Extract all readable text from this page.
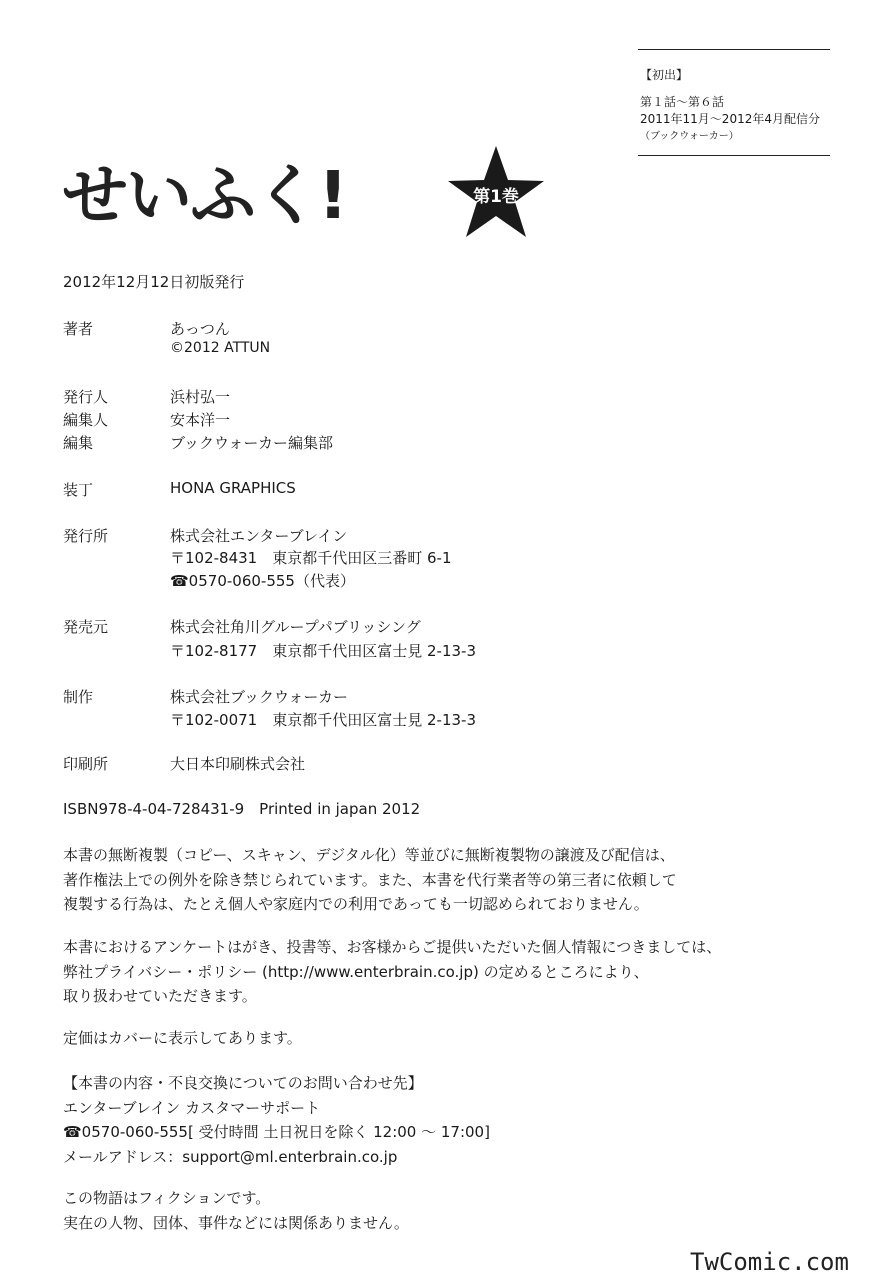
【初出】
第１話～第６話
2011年11月～2012年4月配信分
（ブックウォーカー）
せいふく!	第1巻
2012年12月12日初版発行
著者	あっつん
©2012 ATTUN
発行人	浜村弘一
編集人	安本洋一
編集	ブックウォーカー編集部
装丁	HONA GRAPHICS
発行所	株式会社エンターブレイン
〒102-8431　東京都千代田区三番町 6-1
☎0570-060-555（代表）
発売元	株式会社角川グループパブリッシング
〒102-8177　東京都千代田区富士見 2-13-3
制作	株式会社ブックウォーカー
〒102-0071　東京都千代田区富士見 2-13-3
印刷所	大日本印刷株式会社
ISBN978-4-04-728431-9　Printed in japan 2012
本書の無断複製（コピー、スキャン、デジタル化）等並びに無断複製物の譲渡及び配信は、
著作権法上での例外を除き禁じられています。また、本書を代行業者等の第三者に依頼して
複製する行為は、たとえ個人や家庭内での利用であっても一切認められておりません。
本書におけるアンケートはがき、投書等、お客様からご提供いただいた個人情報につきましては、
弊社プライバシー・ポリシー (http://www.enterbrain.co.jp) の定めるところにより、
取り扱わせていただきます。
定価はカバーに表示してあります。
【本書の内容・不良交換についてのお問い合わせ先】
エンターブレイン カスタマーサポート
☎0570-060-555[ 受付時間 土日祝日を除く 12:00 ～ 17:00]
メールアドレス：support@ml.enterbrain.co.jp
この物語はフィクションです。
実在の人物、団体、事件などには関係ありません。
TwComic.com
